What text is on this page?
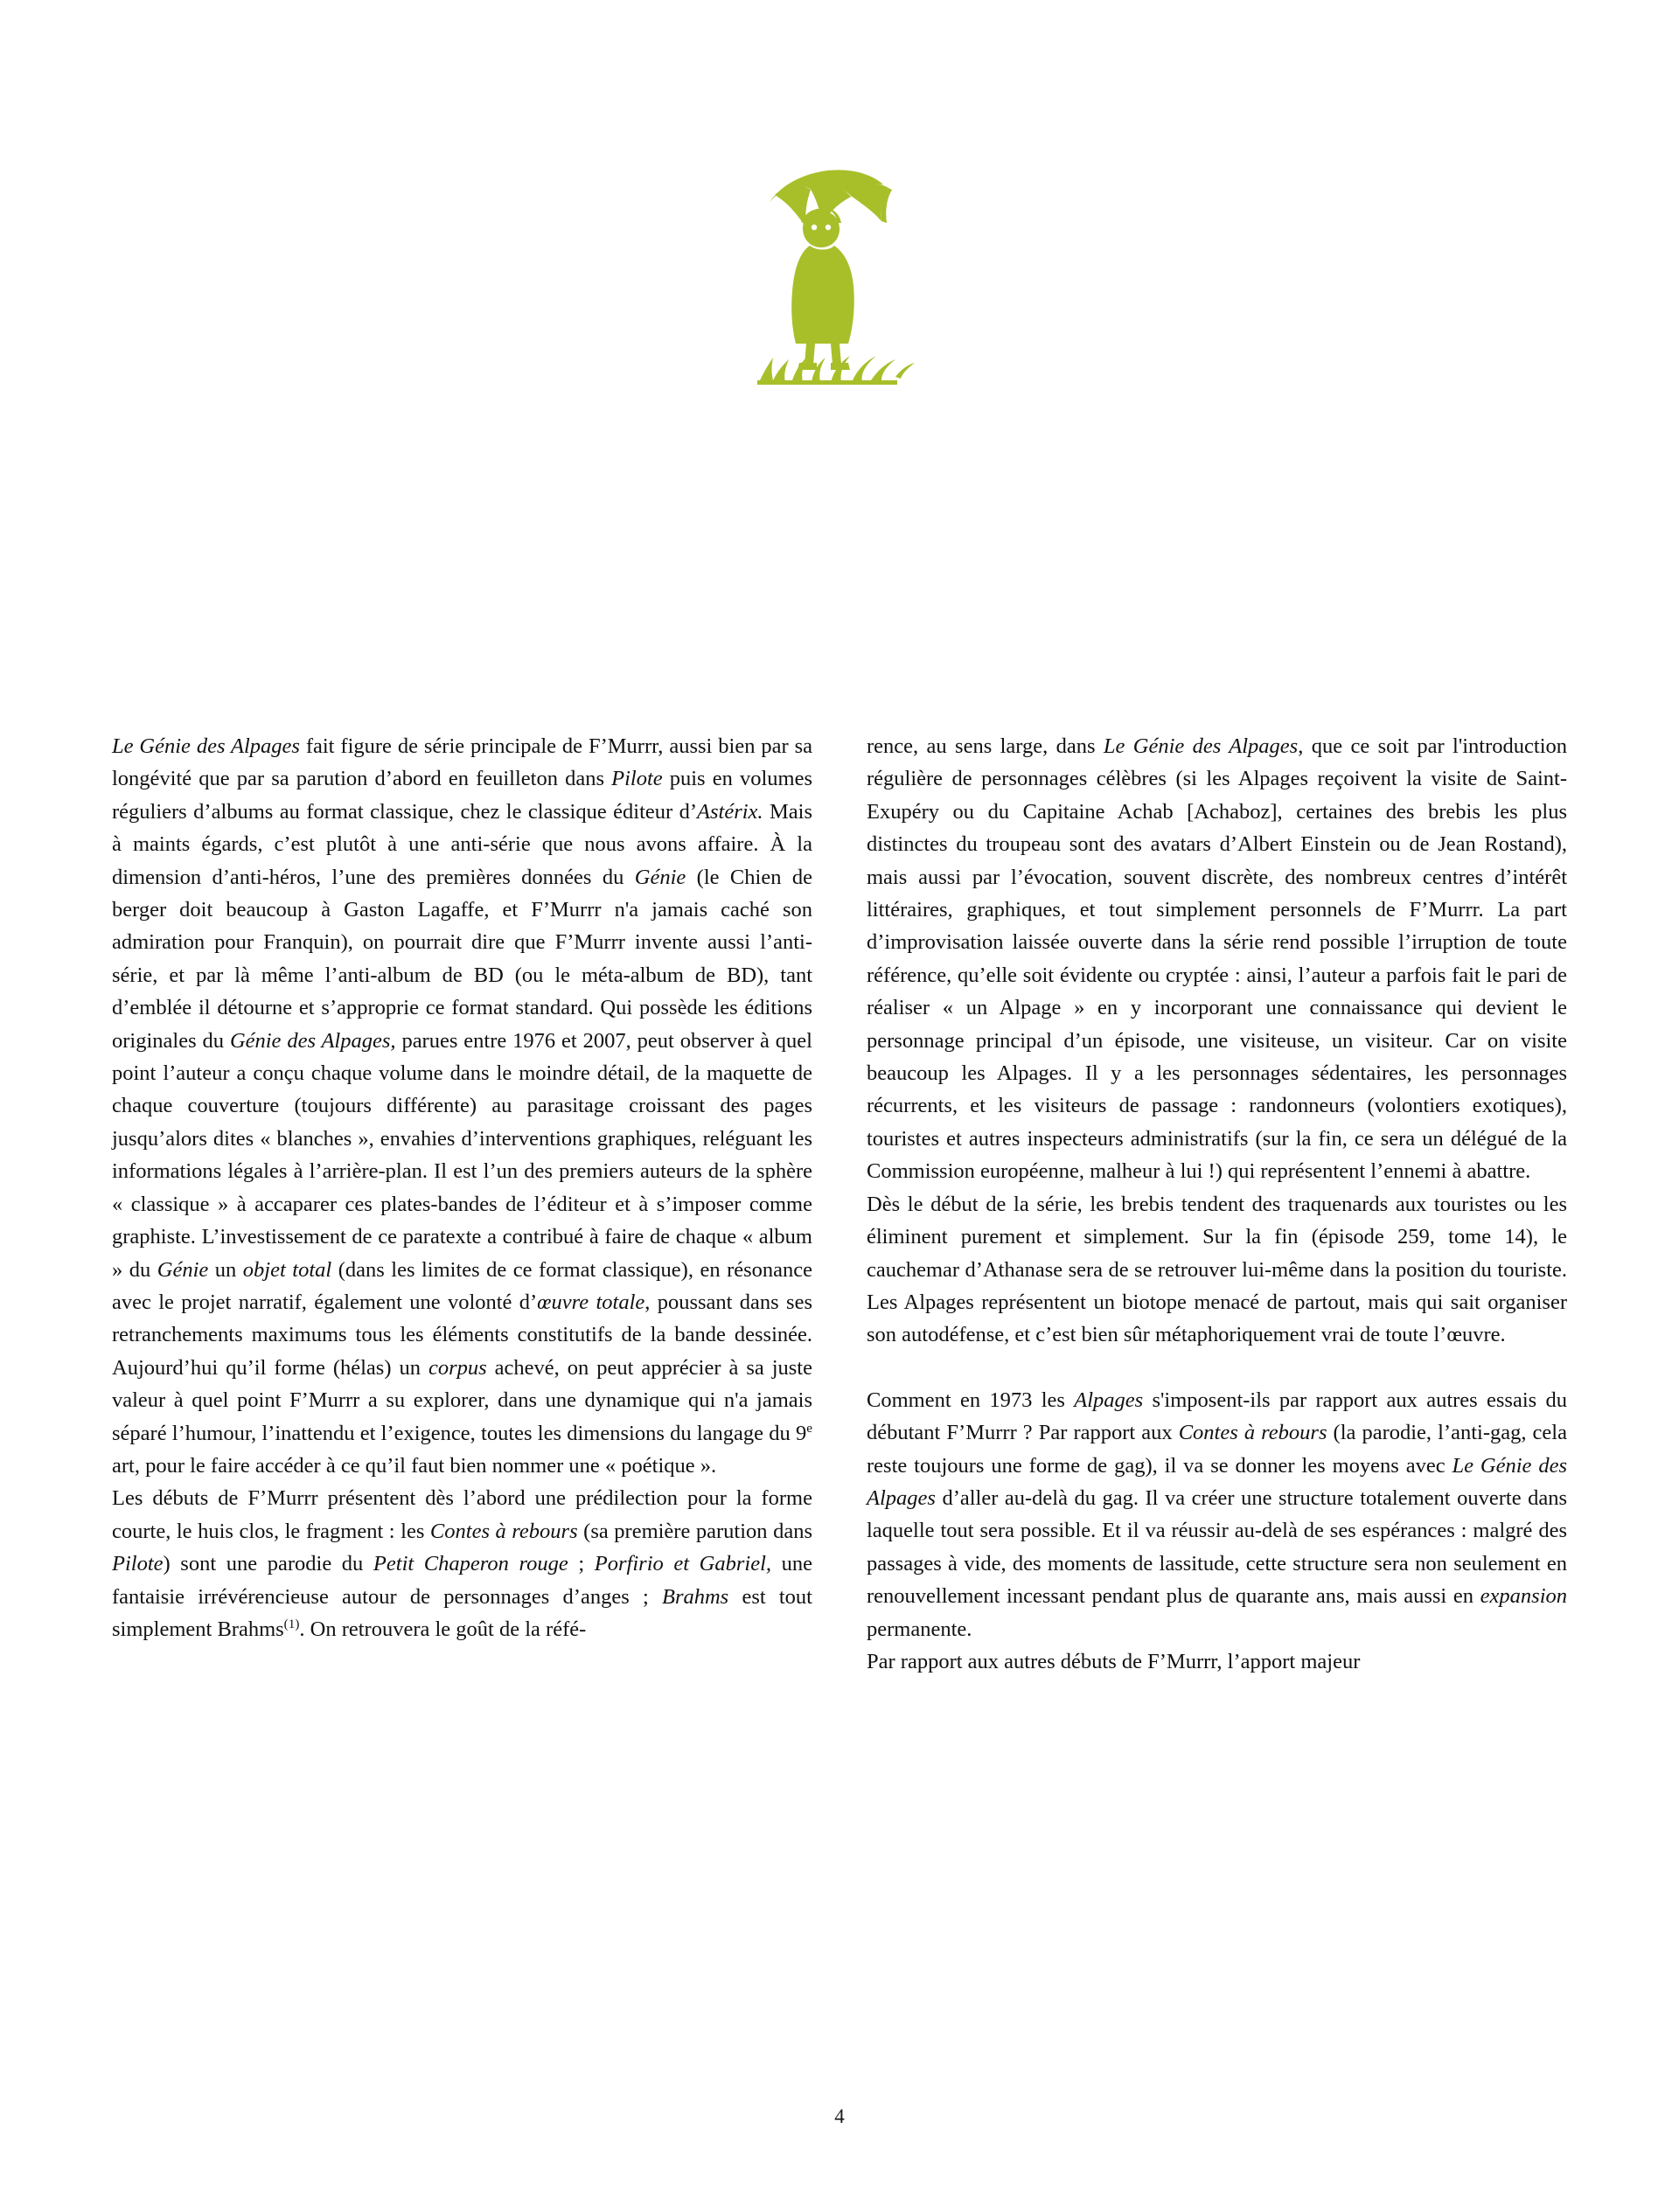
Le Génie des Alpages fait figure de série principale de F’Murrr, aussi bien par sa longévité que par sa parution d’abord en feuilleton dans Pilote puis en volumes réguliers d’albums au format classique, chez le classique éditeur d’Astérix. Mais à maints égards, c’est plutôt à une anti-série que nous avons affaire. À la dimension d’anti-héros, l’une des premières données du Génie (le Chien de berger doit beaucoup à Gaston Lagaffe, et F’Murrr n'a jamais caché son admiration pour Franquin), on pourrait dire que F’Murrr invente aussi l’anti-série, et par là même l’anti-album de BD (ou le méta-album de BD), tant d’emblée il détourne et s’approprie ce format standard. Qui possède les éditions originales du Génie des Alpages, parues entre 1976 et 2007, peut observer à quel point l’auteur a conçu chaque volume dans le moindre détail, de la maquette de chaque couverture (toujours différente) au parasitage croissant des pages jusqu’alors dites « blanches », envahies d’interventions graphiques, reléguant les informations légales à l’arrière-plan. Il est l’un des premiers auteurs de la sphère « classique » à accaparer ces plates-bandes de l’éditeur et à s’imposer comme graphiste. L’investissement de ce paratexte a contribué à faire de chaque « album » du Génie un objet total (dans les limites de ce format classique), en résonance avec le projet narratif, également une volonté d’œuvre totale, poussant dans ses retranchements maximums tous les éléments constitutifs de la bande dessinée. Aujourd’hui qu’il forme (hélas) un corpus achevé, on peut apprécier à sa juste valeur à quel point F’Murrr a su explorer, dans une dynamique qui n'a jamais séparé l’humour, l’inattendu et l’exigence, toutes les dimensions du langage du 9e art, pour le faire accéder à ce qu’il faut bien nommer une « poétique ».

Les débuts de F’Murrr présentent dès l’abord une prédilection pour la forme courte, le huis clos, le fragment : les Contes à rebours (sa première parution dans Pilote) sont une parodie du Petit Chaperon rouge ; Porfirio et Gabriel, une fantaisie irrévérencieuse autour de personnages d’anges ; Brahms est tout simplement Brahms$^{(1)}$. On retrouvera le goût de la réfé-

rence, au sens large, dans Le Génie des Alpages, que ce soit par l'introduction régulière de personnages célèbres (si les Alpages reçoivent la visite de Saint-Exupéry ou du Capitaine Achab [Achaboz], certaines des brebis les plus distinctes du troupeau sont des avatars d’Albert Einstein ou de Jean Rostand), mais aussi par l’évocation, souvent discrète, des nombreux centres d’intérêt littéraires, graphiques, et tout simplement personnels de F’Murrr. La part d’improvisation laissée ouverte dans la série rend possible l’irruption de toute référence, qu’elle soit évidente ou cryptée : ainsi, l’auteur a parfois fait le pari de réaliser « un Alpage » en y incorporant une connaissance qui devient le personnage principal d’un épisode, une visiteuse, un visiteur. Car on visite beaucoup les Alpages. Il y a les personnages sédentaires, les personnages récurrents, et les visiteurs de passage : randonneurs (volontiers exotiques), touristes et autres inspecteurs administratifs (sur la fin, ce sera un délégué de la Commission européenne, malheur à lui !) qui représentent l’ennemi à abattre.

Dès le début de la série, les brebis tendent des traquenards aux touristes ou les éliminent purement et simplement. Sur la fin (épisode 259, tome 14), le cauchemar d’Athanase sera de se retrouver lui-même dans la position du touriste. Les Alpages représentent un biotope menacé de partout, mais qui sait organiser son autodéfense, et c’est bien sûr métaphoriquement vrai de toute l’œuvre.

Comment en 1973 les Alpages s'imposent-ils par rapport aux autres essais du débutant F’Murrr ? Par rapport aux Contes à rebours (la parodie, l’anti-gag, cela reste toujours une forme de gag), il va se donner les moyens avec Le Génie des Alpages d’aller au-delà du gag. Il va créer une structure totalement ouverte dans laquelle tout sera possible. Et il va réussir au-delà de ses espérances : malgré des passages à vide, des moments de lassitude, cette structure sera non seulement en renouvellement incessant pendant plus de quarante ans, mais aussi en expansion permanente.

Par rapport aux autres débuts de F’Murrr, l’apport majeur

4
